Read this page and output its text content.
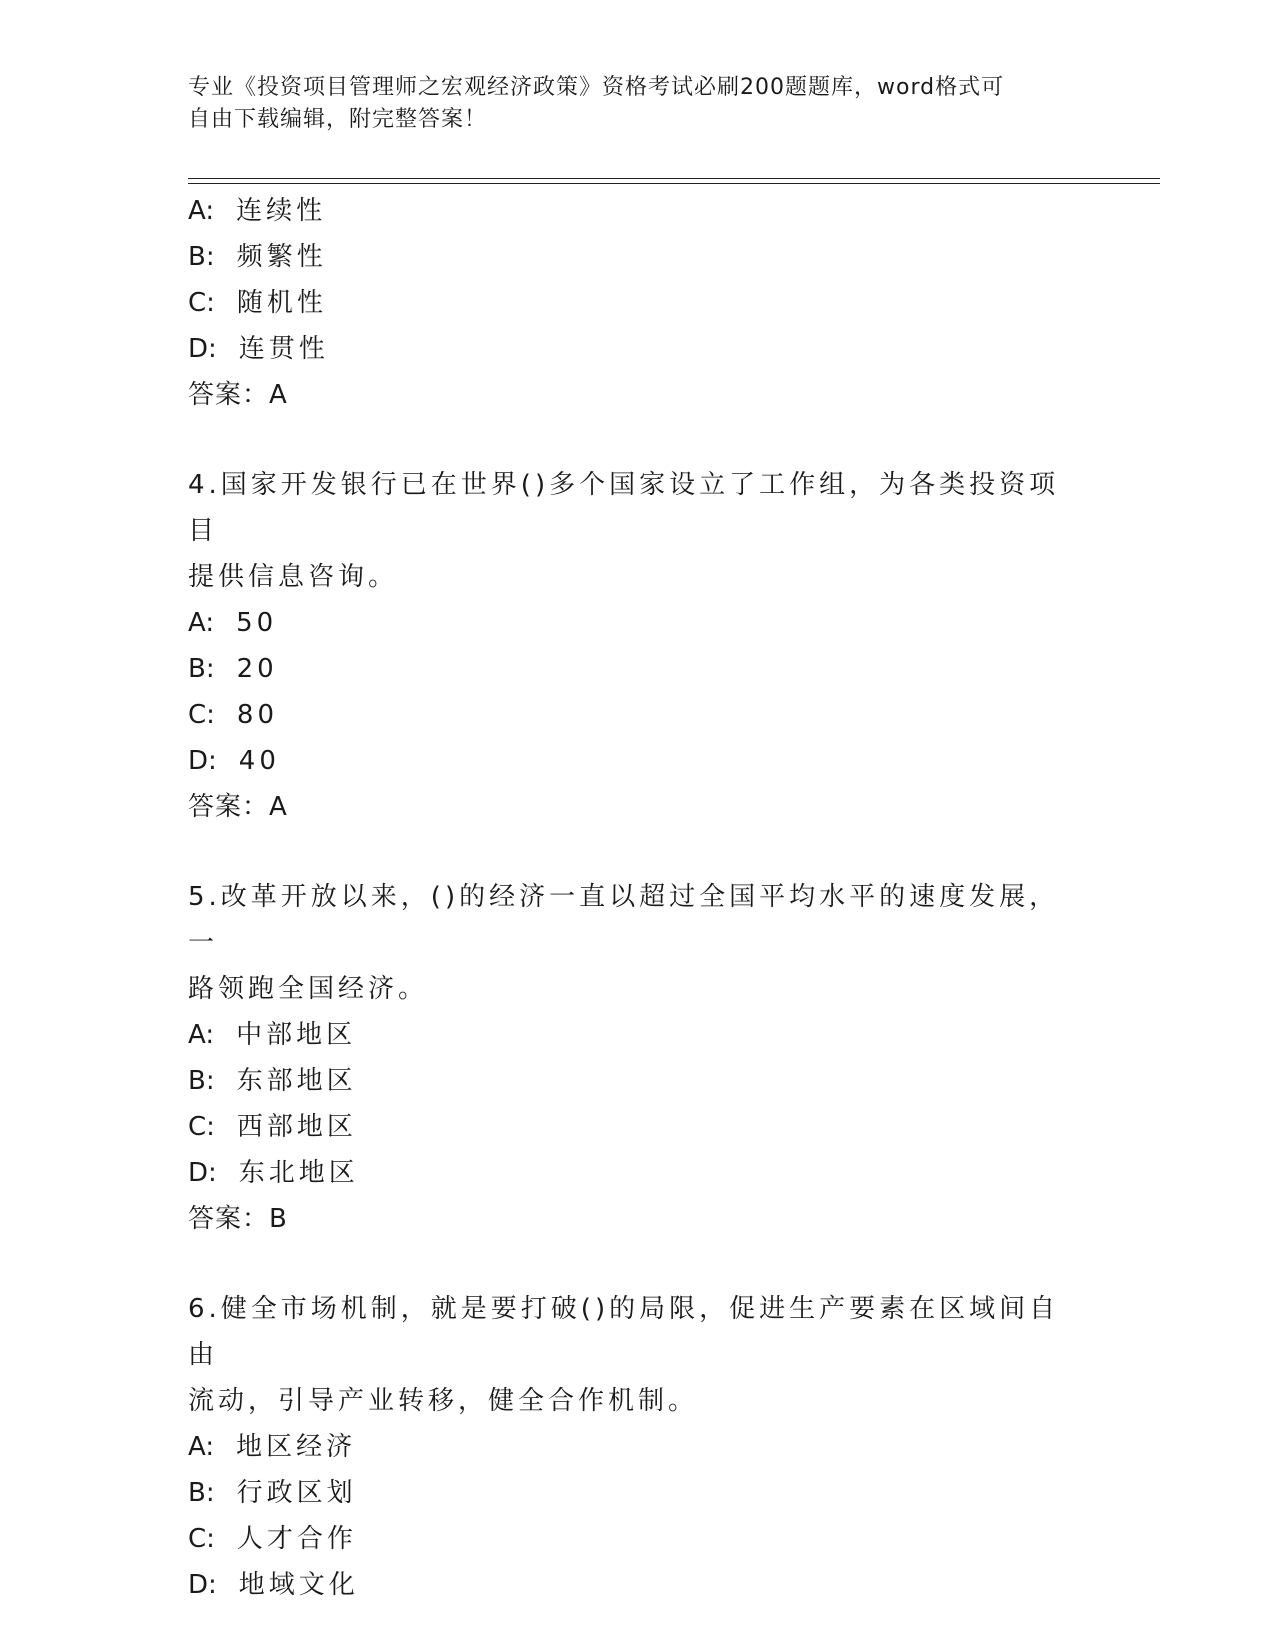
专业《投资项目管理师之宏观经济政策》资格考试必刷200题题库，word格式可
自由下载编辑，附完整答案！
A: 连续性
B: 频繁性
C: 随机性
D: 连贯性
答案：A
4.国家开发银行已在世界()多个国家设立了工作组，为各类投资项目
提供信息咨询。
A: 50
B: 20
C: 80
D: 40
答案：A
5.改革开放以来，()的经济一直以超过全国平均水平的速度发展，一
路领跑全国经济。
A: 中部地区
B: 东部地区
C: 西部地区
D: 东北地区
答案：B
6.健全市场机制，就是要打破()的局限，促进生产要素在区域间自由
流动，引导产业转移，健全合作机制。
A: 地区经济
B: 行政区划
C: 人才合作
D: 地域文化
